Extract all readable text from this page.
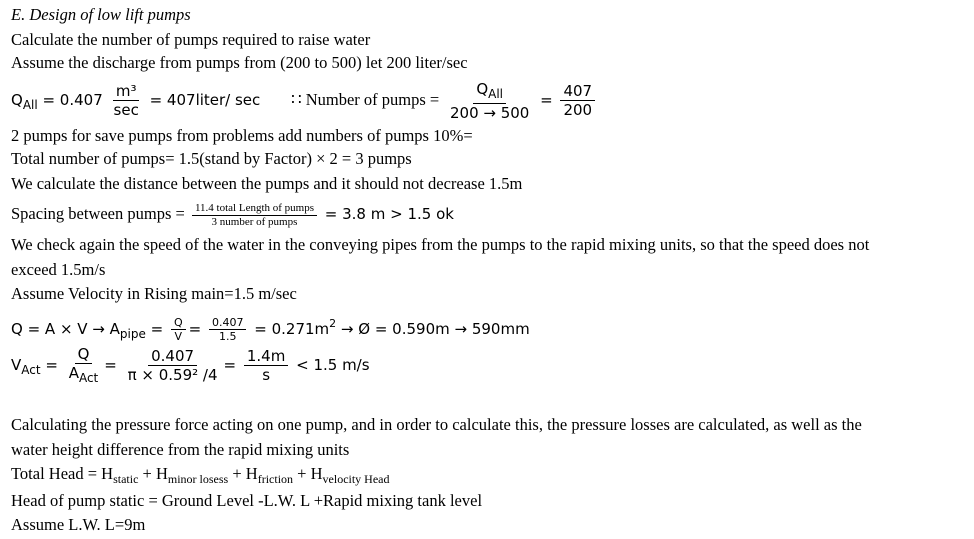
E. Design of low lift pumps
Calculate the number of pumps required to raise water
Assume the discharge from pumps from (200 to 500) let 200 liter/sec
$Q_{All} = 0.407 \frac{\text{m³}}{\sec}$ = 407liter/ sec ∷ Number of pumps = $\frac{Q_{All}}{200 \to 500} = \frac{407}{200}$
2 pumps for save pumps from problems add numbers of pumps 10%=
Total number of pumps= 1.5(stand by Factor) × 2 = 3 pumps
We calculate the distance between the pumps and it should not decrease 1.5m
Spacing between pumps = $\frac{\text{11.4 total Length of pumps}}{\text{3 number of pumps}} = 3.8$ m > 1.5 ok
We check again the speed of the water in the conveying pipes from the pumps to the rapid mixing units, so that the speed does not
exceed 1.5m/s
Assume Velocity in Rising main=1.5 m/sec
$Q = A \times V \to A_{pipe} = \frac{Q}{V} = \frac{0.407}{1.5} = 0.271m^2$ → Ø = 0.590m → 590mm
$V_{Act} = \frac{Q}{A_{Act}} = \frac{0.407}{\text{π × 0.59² /4}} = \frac{1.4m}{s} < 1.5$ m/s
Calculating the pressure force acting on one pump, and in order to calculate this, the pressure losses are calculated, as well as the
water height difference from the rapid mixing units
Total Head = $H_{static} + H_{minor losess} + H_{friction} + H_{velocity Head}$
Head of pump static = Ground Level -L.W. L +Rapid mixing tank level
Assume L.W. L=9m
